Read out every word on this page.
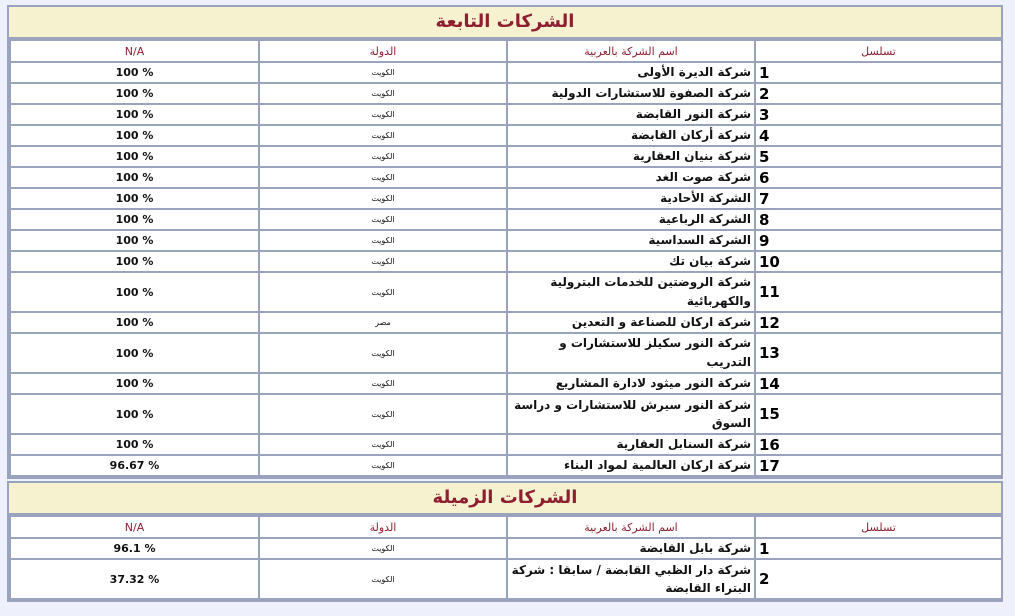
الشركات التابعة
تسلسل	اسم الشركة بالعربية	الدولة	N/A
1	شركة الديرة الأولى	الكويت	100 %
2	شركة الصفوة للاستشارات الدولية	الكويت	100 %
3	شركة النور القابضة	الكويت	100 %
4	شركة أركان القابضة	الكويت	100 %
5	شركة بنيان العقارية	الكويت	100 %
6	شركة صوت الغد	الكويت	100 %
7	الشركة الأحادية	الكويت	100 %
8	الشركة الرباعية	الكويت	100 %
9	الشركة السداسية	الكويت	100 %
10	شركة بيان تك	الكويت	100 %
11	شركة الروضتين للخدمات البترولية والكهربائية	الكويت	100 %
12	شركة اركان للصناعة و التعدين	مصر	100 %
13	شركة النور سكيلز للاستشارات و التدريب	الكويت	100 %
14	شركة النور ميثود لادارة المشاريع	الكويت	100 %
15	شركة النور سيرش للاستشارات و دراسة السوق	الكويت	100 %
16	شركة السنابل العقارية	الكويت	100 %
17	شركة اركان العالمية لمواد البناء	الكويت	96.67 %
الشركات الزميلة
تسلسل	اسم الشركة بالعربية	الدولة	N/A
1	شركة بابل القابضة	الكويت	96.1 %
2	شركة دار الظبي القابضة / سابقا : شركة البتراء القابضة	الكويت	37.32 %
